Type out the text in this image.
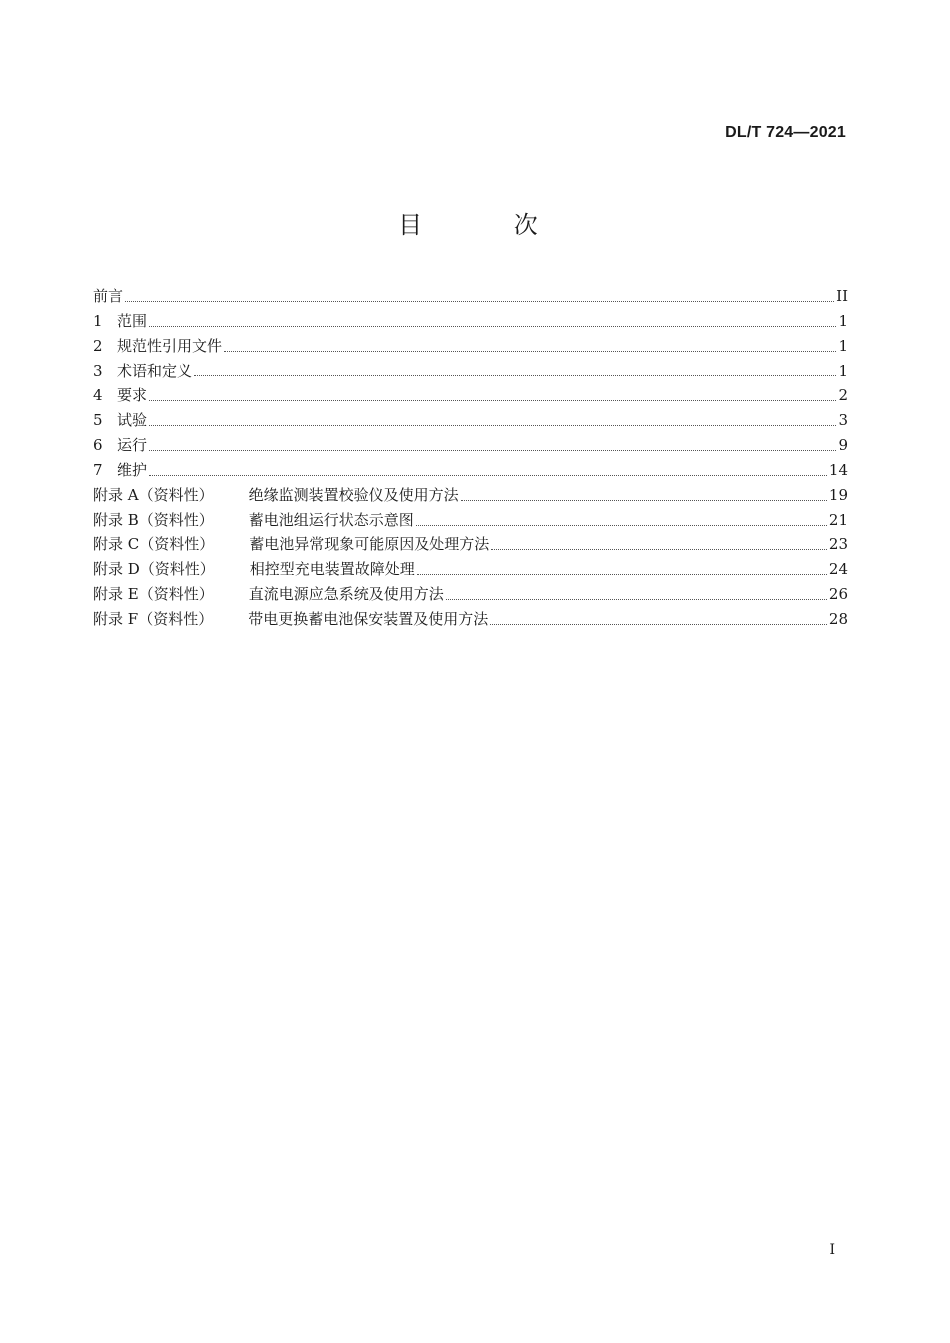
DL/T 724—2021
目 次
前言	II
1 范围	1
2 规范性引用文件	1
3 术语和定义	1
4 要求	2
5 试验	3
6 运行	9
7 维护	14
附录 A （资料性）	绝缘监测装置校验仪及使用方法	19
附录 B （资料性）	蓄电池组运行状态示意图	21
附录 C （资料性）	蓄电池异常现象可能原因及处理方法	23
附录 D （资料性）	相控型充电装置故障处理	24
附录 E （资料性）	直流电源应急系统及使用方法	26
附录 F （资料性）	带电更换蓄电池保安装置及使用方法	28
I
